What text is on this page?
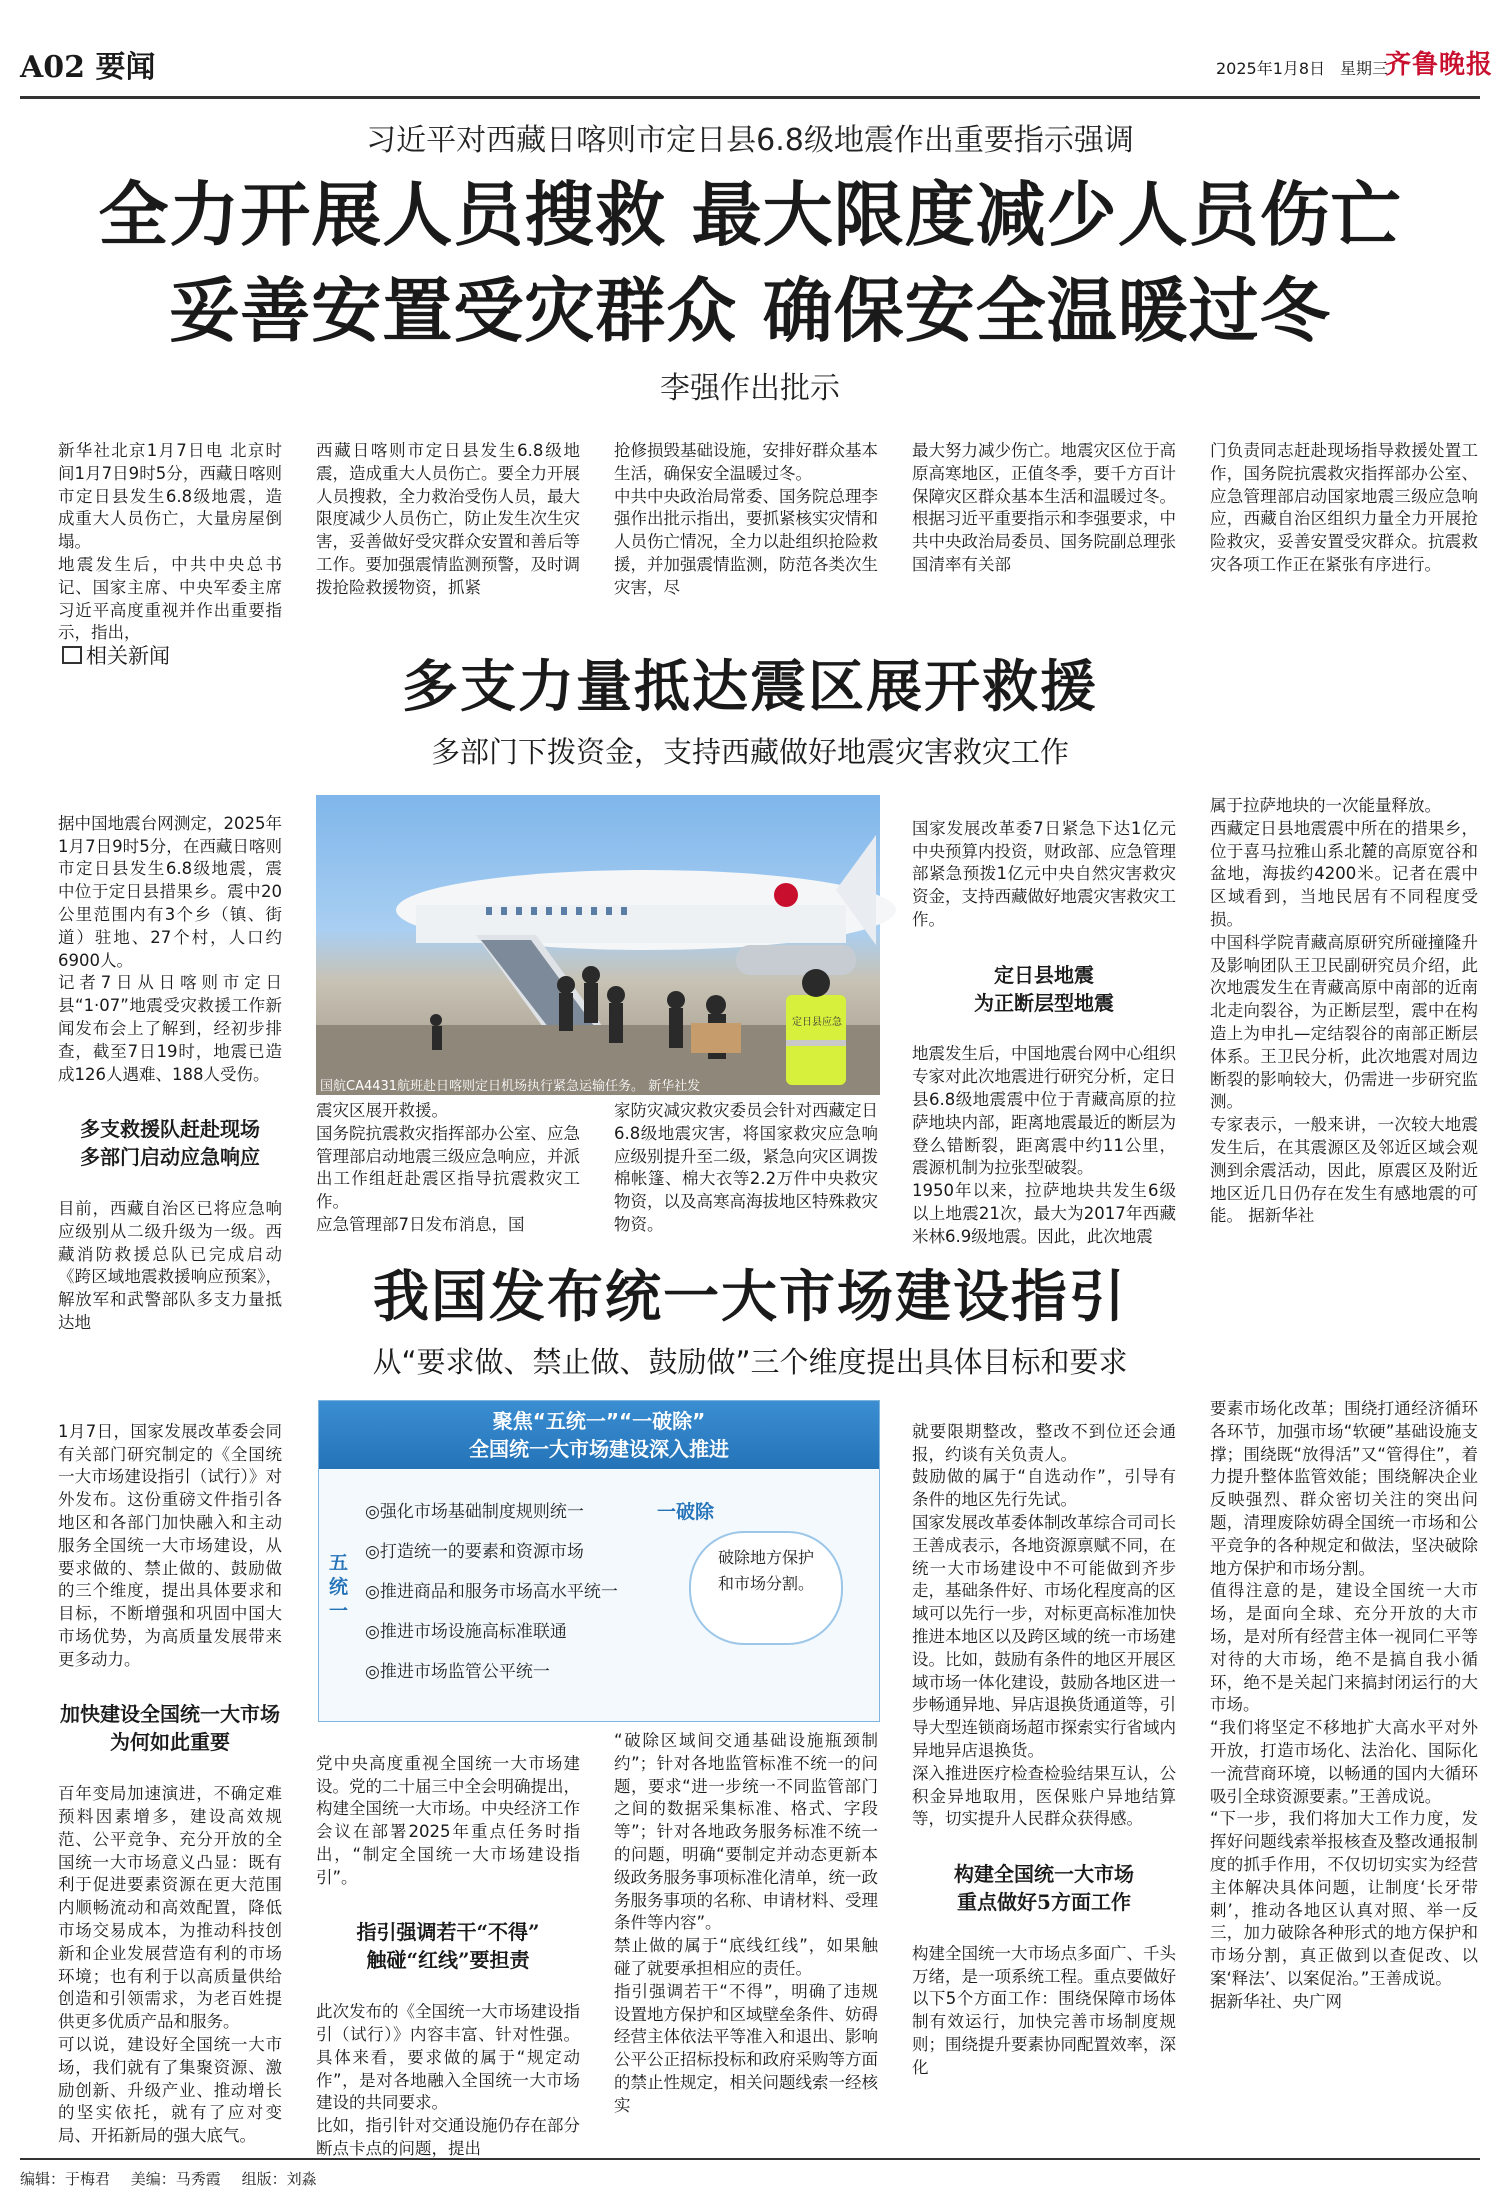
A02 要闻	2025年1月8日 星期三
齐鲁晚报
习近平对西藏日喀则市定日县6.8级地震作出重要指示强调
全力开展人员搜救 最大限度减少人员伤亡
妥善安置受灾群众 确保安全温暖过冬
李强作出批示
新华社北京1月7日电 北京时间1月7日9时5分，西藏日喀则市定日县发生6.8级地震，造成重大人员伤亡，大量房屋倒塌。
地震发生后，中共中央总书记、国家主席、中央军委主席习近平高度重视并作出重要指示，指出，
西藏日喀则市定日县发生6.8级地震，造成重大人员伤亡。要全力开展人员搜救，全力救治受伤人员，最大限度减少人员伤亡，防止发生次生灾害，妥善做好受灾群众安置和善后等工作。要加强震情监测预警，及时调拨抢险救援物资，抓紧
抢修损毁基础设施，安排好群众基本生活，确保安全温暖过冬。
中共中央政治局常委、国务院总理李强作出批示指出，要抓紧核实灾情和人员伤亡情况，全力以赴组织抢险救援，并加强震情监测，防范各类次生灾害，尽
最大努力减少伤亡。地震灾区位于高原高寒地区，正值冬季，要千方百计保障灾区群众基本生活和温暖过冬。
根据习近平重要指示和李强要求，中共中央政治局委员、国务院副总理张国清率有关部
门负责同志赶赴现场指导救援处置工作，国务院抗震救灾指挥部办公室、应急管理部启动国家地震三级应急响应，西藏自治区组织力量全力开展抢险救灾，妥善安置受灾群众。抗震救灾各项工作正在紧张有序进行。
相关新闻	多支力量抵达震区展开救援
多部门下拨资金，支持西藏做好地震灾害救灾工作

据中国地震台网测定，2025年1月7日9时5分，在西藏日喀则市定日县发生6.8级地震，震中位于定日县措果乡。震中20公里范围内有3个乡（镇、街道）驻地、27个村，人口约6900人。
记者7日从日喀则市定日县“1·07”地震受灾救援工作新闻发布会上了解到，经初步排查，截至7日19时，地震已造成126人遇难、188人受伤。

多支救援队赶赴现场
多部门启动应急响应

目前，西藏自治区已将应急响应级别从二级升级为一级。西藏消防救援总队已完成启动《跨区域地震救援响应预案》，解放军和武警部队多支力量抵达地

定日县应急
国航CA4431航班赴日喀则定日机场执行紧急运输任务。 新华社发
震灾区展开救援。
国务院抗震救灾指挥部办公室、应急管理部启动地震三级应急响应，并派出工作组赶赴震区指导抗震救灾工作。
应急管理部7日发布消息，国
家防灾减灾救灾委员会针对西藏定日6.8级地震灾害，将国家救灾应急响应级别提升至二级，紧急向灾区调拨棉帐篷、棉大衣等2.2万件中央救灾物资，以及高寒高海拔地区特殊救灾物资。

国家发展改革委7日紧急下达1亿元中央预算内投资，财政部、应急管理部紧急预拨1亿元中央自然灾害救灾资金，支持西藏做好地震灾害救灾工作。

定日县地震
为正断层型地震

地震发生后，中国地震台网中心组织专家对此次地震进行研究分析，定日县6.8级地震震中位于青藏高原的拉萨地块内部，距离地震最近的断层为登么错断裂，距离震中约11公里，震源机制为拉张型破裂。
1950年以来，拉萨地块共发生6级以上地震21次，最大为2017年西藏米林6.9级地震。因此，此次地震

属于拉萨地块的一次能量释放。
西藏定日县地震震中所在的措果乡，位于喜马拉雅山系北麓的高原宽谷和盆地，海拔约4200米。记者在震中区域看到，当地民居有不同程度受损。
中国科学院青藏高原研究所碰撞隆升及影响团队王卫民副研究员介绍，此次地震发生在青藏高原中南部的近南北走向裂谷，为正断层型，震中在构造上为申扎—定结裂谷的南部正断层体系。王卫民分析，此次地震对周边断裂的影响较大，仍需进一步研究监测。
专家表示，一般来讲，一次较大地震发生后，在其震源区及邻近区域会观测到余震活动，因此，原震区及附近地区近几日仍存在发生有感地震的可能。 据新华社
我国发布统一大市场建设指引
从“要求做、禁止做、鼓励做”三个维度提出具体目标和要求

1月7日，国家发展改革委会同有关部门研究制定的《全国统一大市场建设指引（试行）》对外发布。这份重磅文件指引各地区和各部门加快融入和主动服务全国统一大市场建设，从要求做的、禁止做的、鼓励做的三个维度，提出具体要求和目标，不断增强和巩固中国大市场优势，为高质量发展带来更多动力。

加快建设全国统一大市场
为何如此重要

百年变局加速演进，不确定难预料因素增多，建设高效规范、公平竞争、充分开放的全国统一大市场意义凸显：既有利于促进要素资源在更大范围内顺畅流动和高效配置，降低市场交易成本，为推动科技创新和企业发展营造有利的市场环境；也有利于以高质量供给创造和引领需求，为老百姓提供更多优质产品和服务。
可以说，建设好全国统一大市场，我们就有了集聚资源、激励创新、升级产业、推动增长的坚实依托，就有了应对变局、开拓新局的强大底气。

聚焦“五统一”“一破除”
全国统一大市场建设深入推进
五统一
◎强化市场基础制度规则统一
◎打造统一的要素和资源市场
◎推进商品和服务市场高水平统一
◎推进市场设施高标准联通
◎推进市场监管公平统一
一破除
破除地方保护和市场分割。

党中央高度重视全国统一大市场建设。党的二十届三中全会明确提出，构建全国统一大市场。中央经济工作会议在部署2025年重点任务时指出，“制定全国统一大市场建设指引”。

指引强调若干“不得”
触碰“红线”要担责

此次发布的《全国统一大市场建设指引（试行）》内容丰富、针对性强。具体来看，要求做的属于“规定动作”，是对各地融入全国统一大市场建设的共同要求。
比如，指引针对交通设施仍存在部分断点卡点的问题，提出

“破除区域间交通基础设施瓶颈制约”；针对各地监管标准不统一的问题，要求“进一步统一不同监管部门之间的数据采集标准、格式、字段等”；针对各地政务服务标准不统一的问题，明确“要制定并动态更新本级政务服务事项标准化清单，统一政务服务事项的名称、申请材料、受理条件等内容”。
禁止做的属于“底线红线”，如果触碰了就要承担相应的责任。
指引强调若干“不得”，明确了违规设置地方保护和区域壁垒条件、妨碍经营主体依法平等准入和退出、影响公平公正招标投标和政府采购等方面的禁止性规定，相关问题线索一经核实

就要限期整改，整改不到位还会通报，约谈有关负责人。
鼓励做的属于“自选动作”，引导有条件的地区先行先试。
国家发展改革委体制改革综合司司长王善成表示，各地资源禀赋不同，在统一大市场建设中不可能做到齐步走，基础条件好、市场化程度高的区域可以先行一步，对标更高标准加快推进本地区以及跨区域的统一市场建设。比如，鼓励有条件的地区开展区域市场一体化建设，鼓励各地区进一步畅通异地、异店退换货通道等，引导大型连锁商场超市探索实行省域内异地异店退换货。
深入推进医疗检查检验结果互认，公积金异地取用，医保账户异地结算等，切实提升人民群众获得感。

构建全国统一大市场
重点做好5方面工作

构建全国统一大市场点多面广、千头万绪，是一项系统工程。重点要做好以下5个方面工作：围绕保障市场体制有效运行，加快完善市场制度规则；围绕提升要素协同配置效率，深化

要素市场化改革；围绕打通经济循环各环节，加强市场“软硬”基础设施支撑；围绕既“放得活”又“管得住”，着力提升整体监管效能；围绕解决企业反映强烈、群众密切关注的突出问题，清理废除妨碍全国统一市场和公平竞争的各种规定和做法，坚决破除地方保护和市场分割。
值得注意的是，建设全国统一大市场，是面向全球、充分开放的大市场，是对所有经营主体一视同仁平等对待的大市场，绝不是搞自我小循环，绝不是关起门来搞封闭运行的大市场。
“我们将坚定不移地扩大高水平对外开放，打造市场化、法治化、国际化一流营商环境，以畅通的国内大循环吸引全球资源要素。”王善成说。
“下一步，我们将加大工作力度，发挥好问题线索举报核查及整改通报制度的抓手作用，不仅切切实实为经营主体解决具体问题，让制度‘长牙带刺’，推动各地区认真对照、举一反三，加力破除各种形式的地方保护和市场分割，真正做到以查促改、以案‘释法’、以案促治。”王善成说。
据新华社、央广网
编辑：于梅君 美编：马秀霞 组版：刘淼
